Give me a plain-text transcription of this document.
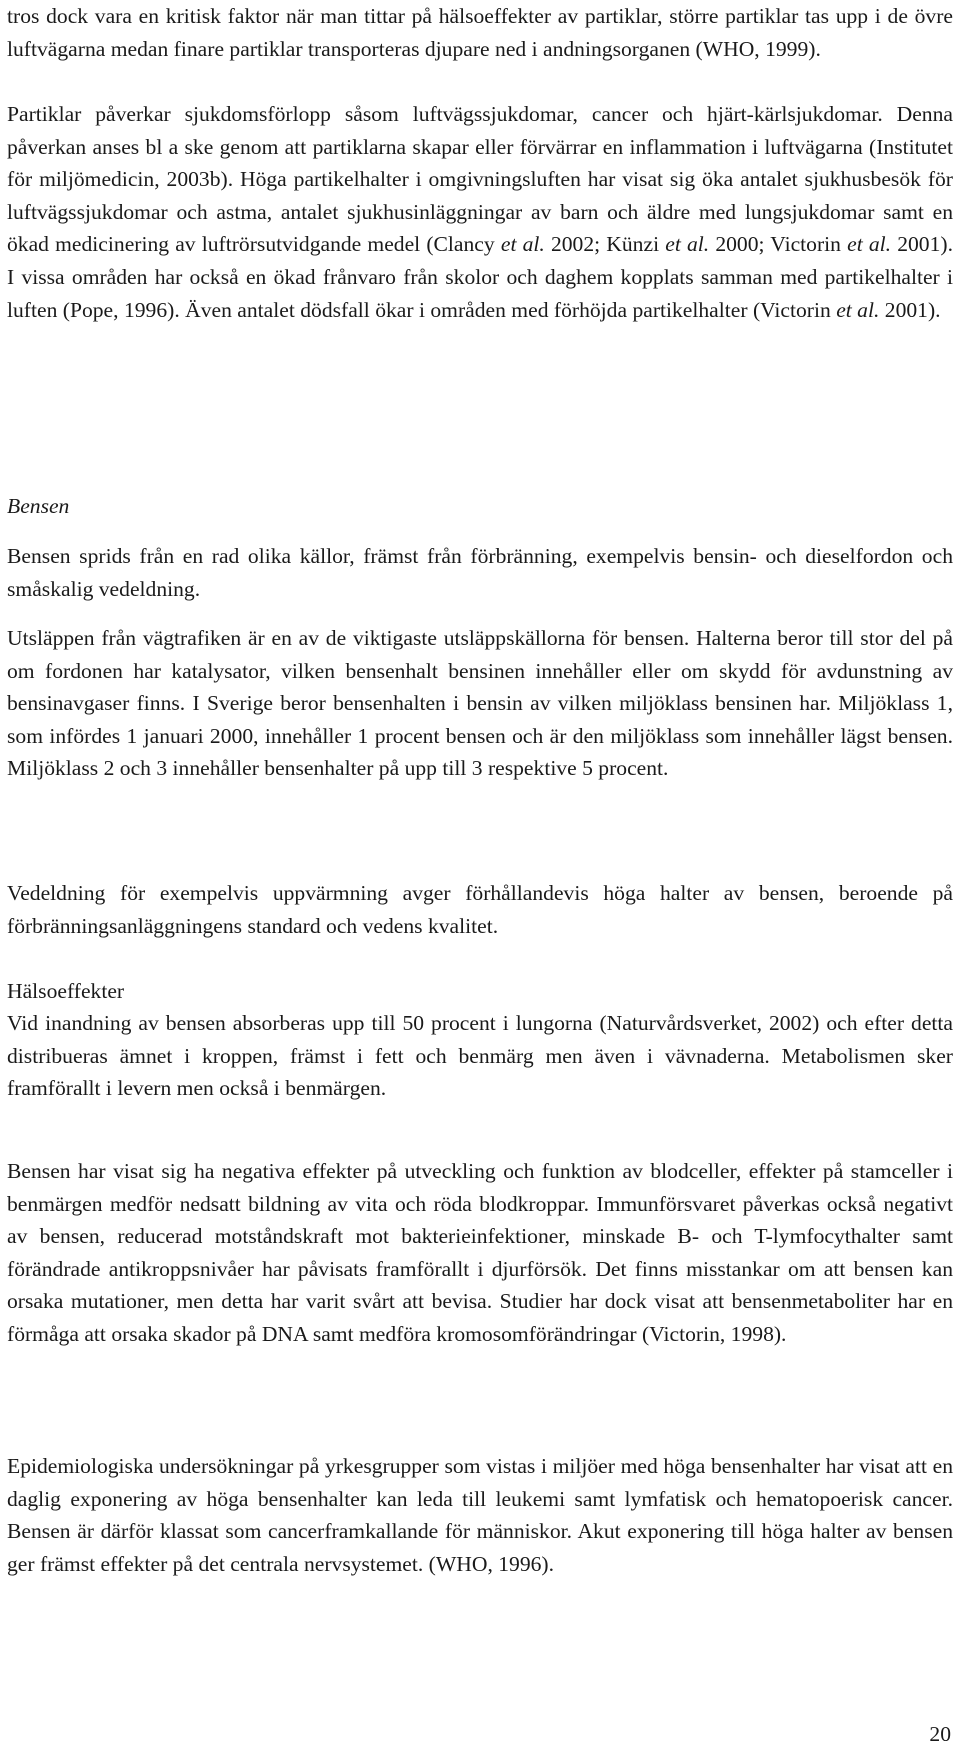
tros dock vara en kritisk faktor när man tittar på hälsoeffekter av partiklar, större partiklar tas upp i de övre luftvägarna medan finare partiklar transporteras djupare ned i andningsorganen (WHO, 1999).

Partiklar påverkar sjukdomsförlopp såsom luftvägssjukdomar, cancer och hjärt-kärlsjukdomar. Denna påverkan anses bl a ske genom att partiklarna skapar eller förvärrar en inflammation i luftvägarna (Institutet för miljömedicin, 2003b). Höga partikelhalter i omgivningsluften har visat sig öka antalet sjukhusbesök för luftvägssjukdomar och astma, antalet sjukhusinläggningar av barn och äldre med lungsjukdomar samt en ökad medicinering av luftrörsutvidgande medel (Clancy et al. 2002; Künzi et al. 2000; Victorin et al. 2001). I vissa områden har också en ökad frånvaro från skolor och daghem kopplats samman med partikelhalter i luften (Pope, 1996). Även antalet dödsfall ökar i områden med förhöjda partikelhalter (Victorin et al. 2001).

Bensen

Bensen sprids från en rad olika källor, främst från förbränning, exempelvis bensin- och dieselfordon och småskalig vedeldning.

Utsläppen från vägtrafiken är en av de viktigaste utsläppskällorna för bensen. Halterna beror till stor del på om fordonen har katalysator, vilken bensenhalt bensinen innehåller eller om skydd för avdunstning av bensinavgaser finns. I Sverige beror bensenhalten i bensin av vilken miljöklass bensinen har. Miljöklass 1, som infördes 1 januari 2000, innehåller 1 procent bensen och är den miljöklass som innehåller lägst bensen. Miljöklass 2 och 3 innehåller bensenhalter på upp till 3 respektive 5 procent.

Vedeldning för exempelvis uppvärmning avger förhållandevis höga halter av bensen, beroende på förbränningsanläggningens standard och vedens kvalitet.

Hälsoeffekter

Vid inandning av bensen absorberas upp till 50 procent i lungorna (Naturvårdsverket, 2002) och efter detta distribueras ämnet i kroppen, främst i fett och benmärg men även i vävnaderna. Metabolismen sker framförallt i levern men också i benmärgen.

Bensen har visat sig ha negativa effekter på utveckling och funktion av blodceller, effekter på stamceller i benmärgen medför nedsatt bildning av vita och röda blodkroppar. Immunförsvaret påverkas också negativt av bensen, reducerad motståndskraft mot bakterieinfektioner, minskade B- och T-lymfocythalter samt förändrade antikroppsnivåer har påvisats framförallt i djurförsök. Det finns misstankar om att bensen kan orsaka mutationer, men detta har varit svårt att bevisa. Studier har dock visat att bensenmetaboliter har en förmåga att orsaka skador på DNA samt medföra kromosomförändringar (Victorin, 1998).

Epidemiologiska undersökningar på yrkesgrupper som vistas i miljöer med höga bensenhalter har visat att en daglig exponering av höga bensenhalter kan leda till leukemi samt lymfatisk och hematopoerisk cancer. Bensen är därför klassat som cancerframkallande för människor. Akut exponering till höga halter av bensen ger främst effekter på det centrala nervsystemet. (WHO, 1996).

20
